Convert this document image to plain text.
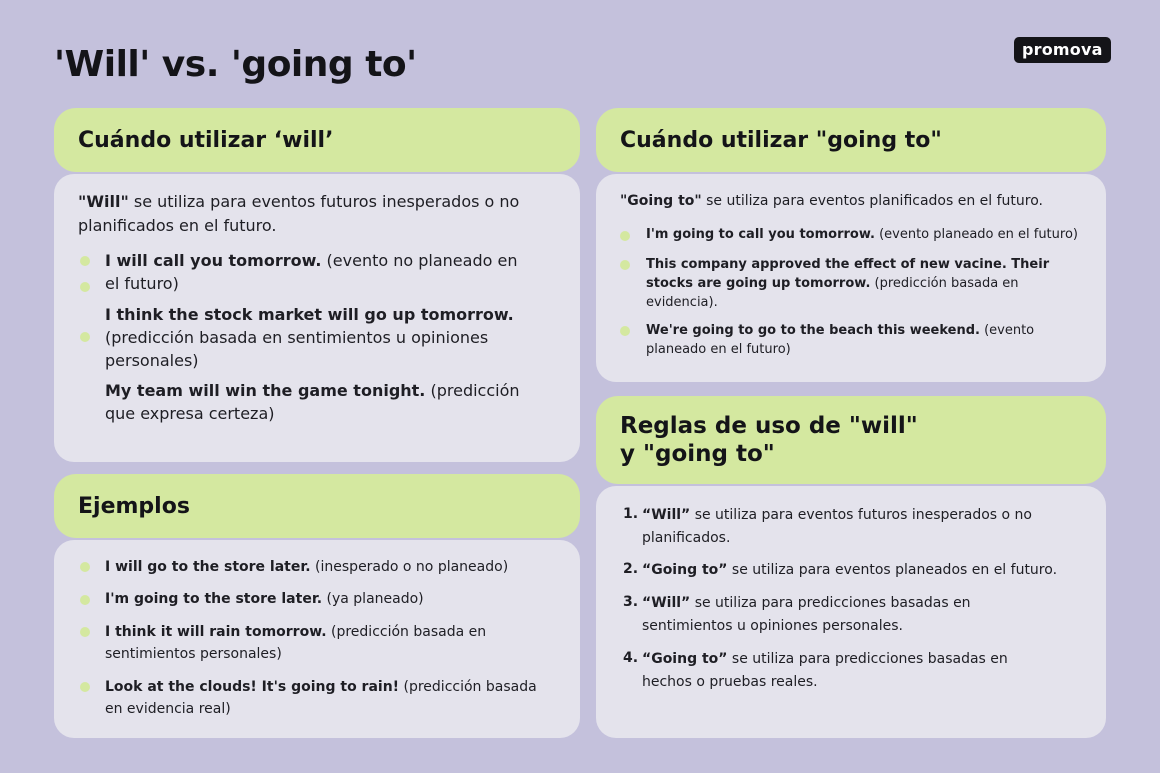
'Will' vs. 'going to'	promova
Cuándo utilizar ‘will’
"Will" se utiliza para eventos futuros inesperados o no planificados en el futuro.
I will call you tomorrow. (evento no planeado en el futuro)
I think the stock market will go up tomorrow. (predicción basada en sentimientos u opiniones personales)
My team will win the game tonight. (predicción que expresa certeza)
Ejemplos
I will go to the store later. (inesperado o no planeado)
I'm going to the store later. (ya planeado)
I think it will rain tomorrow. (predicción basada en sentimientos personales)
Look at the clouds! It's going to rain! (predicción basada en evidencia real)
Cuándo utilizar "going to"
"Going to" se utiliza para eventos planificados en el futuro.
I'm going to call you tomorrow. (evento planeado en el futuro)
This company approved the effect of new vacine. Their stocks are going up tomorrow. (predicción basada en evidencia).
We're going to go to the beach this weekend. (evento planeado en el futuro)
Reglas de uso de "will"
y "going to"
1. “Will” se utiliza para eventos futuros inesperados o no planificados.
2. “Going to” se utiliza para eventos planeados en el futuro.
3. “Will” se utiliza para predicciones basadas en sentimientos u opiniones personales.
4. “Going to” se utiliza para predicciones basadas en hechos o pruebas reales.
